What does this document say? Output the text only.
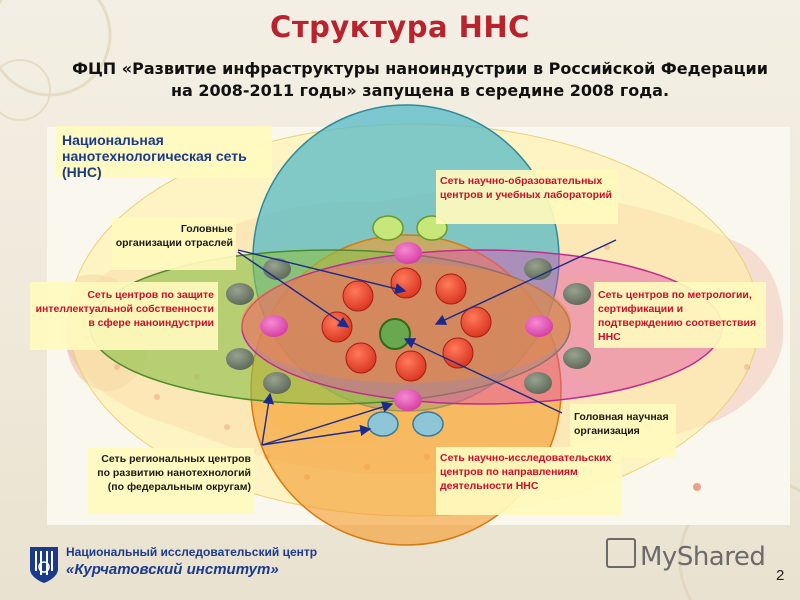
Структура ННС
ФЦП «Развитие инфраструктуры наноиндустрии в Российской Федерации на 2008-2011 годы» запущена в середине 2008 года.
Национальная нанотехнологическая сеть (ННС)
Сеть научно-образовательных центров и учебных лабораторий
Головные организации отраслей
Сеть центров по защите интеллектуальной собственности в сфере наноиндустрии
Сеть центров по метрологии, сертификации и подтверждению соответствия ННС
Головная научная организация
Сеть региональных центров по развитию нанотехнологий (по федеральным округам)
Сеть научно-исследовательских центров по направлениям деятельности ННС
Национальный исследовательский центр
«Курчатовский институт»	MyShared
2
